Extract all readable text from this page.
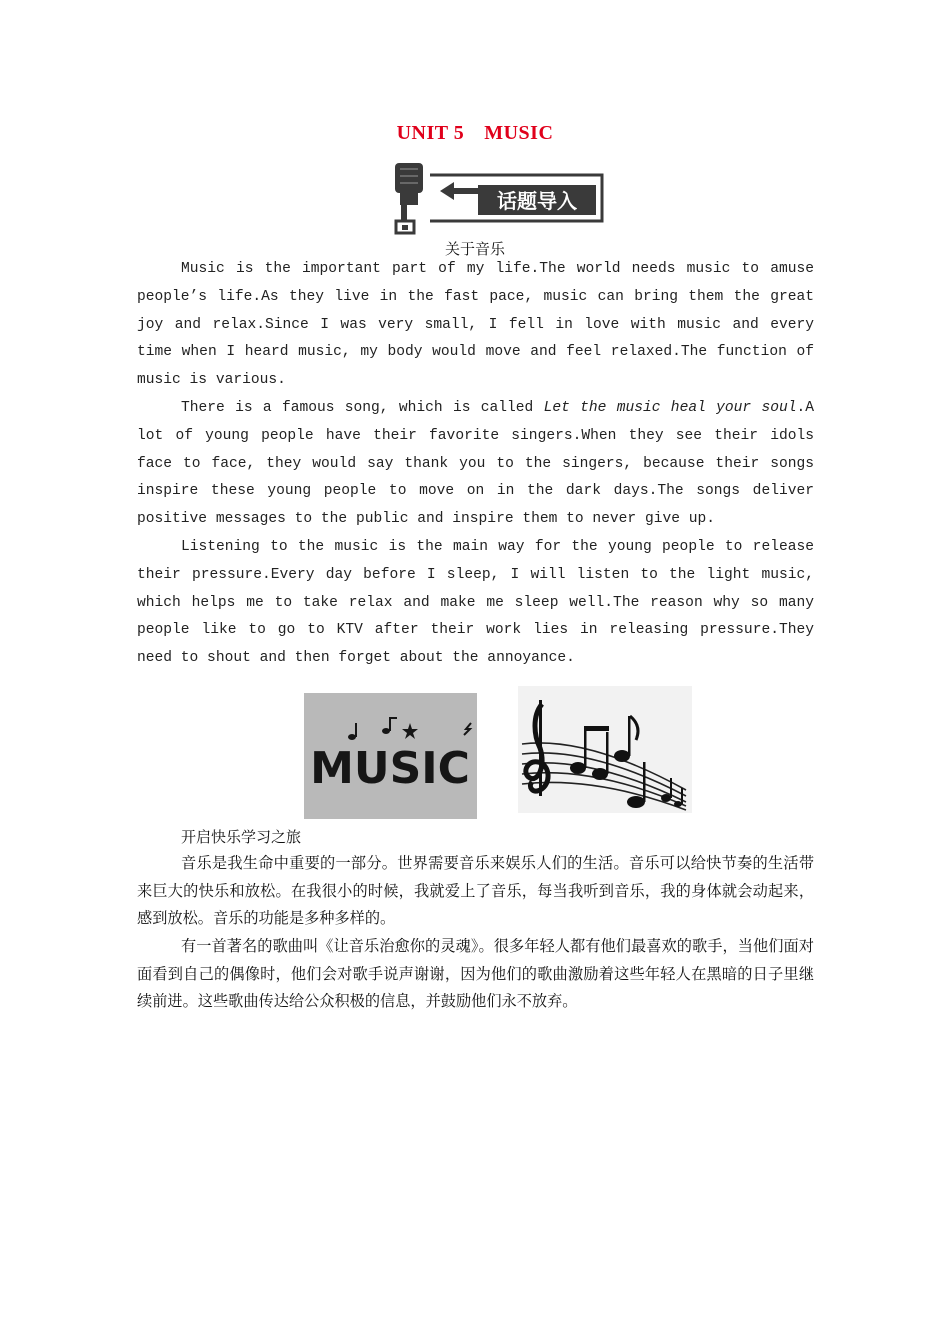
UNIT 5 MUSIC
话题导入
关于音乐

Music is the important part of my life.The world needs music to amuse people’s life.As they live in the fast pace, music can bring them the great joy and relax.Since I was very small, I fell in love with music and every time when I heard music, my body would move and feel relaxed.The function of music is various.

There is a famous song, which is called Let the music heal your soul.A lot of young people have their favorite singers.When they see their idols face to face, they would say thank you to the singers, because their songs inspire these young people to move on in the dark days.The songs deliver positive messages to the public and inspire them to never give up.

Listening to the music is the main way for the young people to release their pressure.Every day before I sleep, I will listen to the light music, which helps me to take relax and make me sleep well.The reason why so many people like to go to KTV after their work lies in releasing pressure.They need to shout and then forget about the annoyance.

MUSIC
开启快乐学习之旅

音乐是我生命中重要的一部分。世界需要音乐来娱乐人们的生活。音乐可以给快节奏的生活带来巨大的快乐和放松。在我很小的时候，我就爱上了音乐，每当我听到音乐，我的身体就会动起来，感到放松。音乐的功能是多种多样的。

有一首著名的歌曲叫《让音乐治愈你的灵魂》。很多年轻人都有他们最喜欢的歌手，当他们面对面看到自己的偶像时，他们会对歌手说声谢谢，因为他们的歌曲激励着这些年轻人在黑暗的日子里继续前进。这些歌曲传达给公众积极的信息，并鼓励他们永不放弃。
